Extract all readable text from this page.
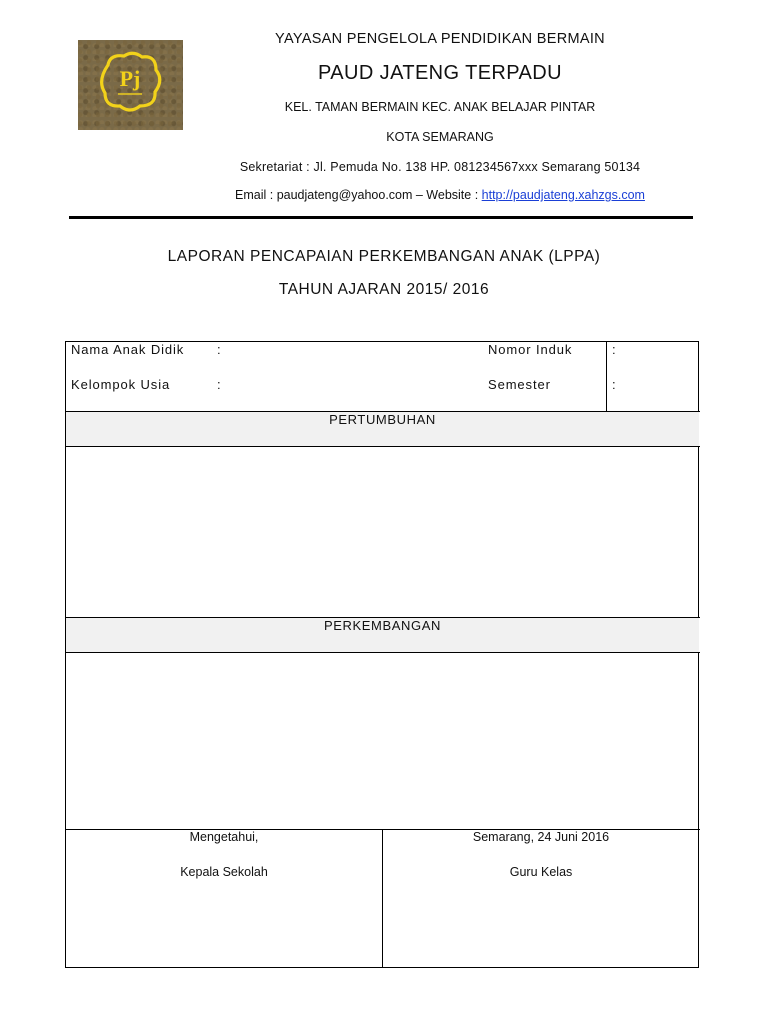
Pj
YAYASAN PENGELOLA PENDIDIKAN BERMAIN
PAUD JATENG TERPADU
KEL. TAMAN BERMAIN KEC. ANAK BELAJAR PINTAR
KOTA SEMARANG
Sekretariat : Jl. Pemuda No. 138 HP. 081234567xxx Semarang 50134
Email : paudjateng@yahoo.com – Website : http://paudjateng.xahzgs.com
LAPORAN PENCAPAIAN PERKEMBANGAN ANAK (LPPA)
TAHUN AJARAN 2015/ 2016
Nama Anak Didik	:	Nomor Induk	:
Kelompok Usia	:	Semester	:
PERTUMBUHAN
PERKEMBANGAN
Mengetahui,
Kepala Sekolah
Semarang, 24 Juni 2016
Guru Kelas
